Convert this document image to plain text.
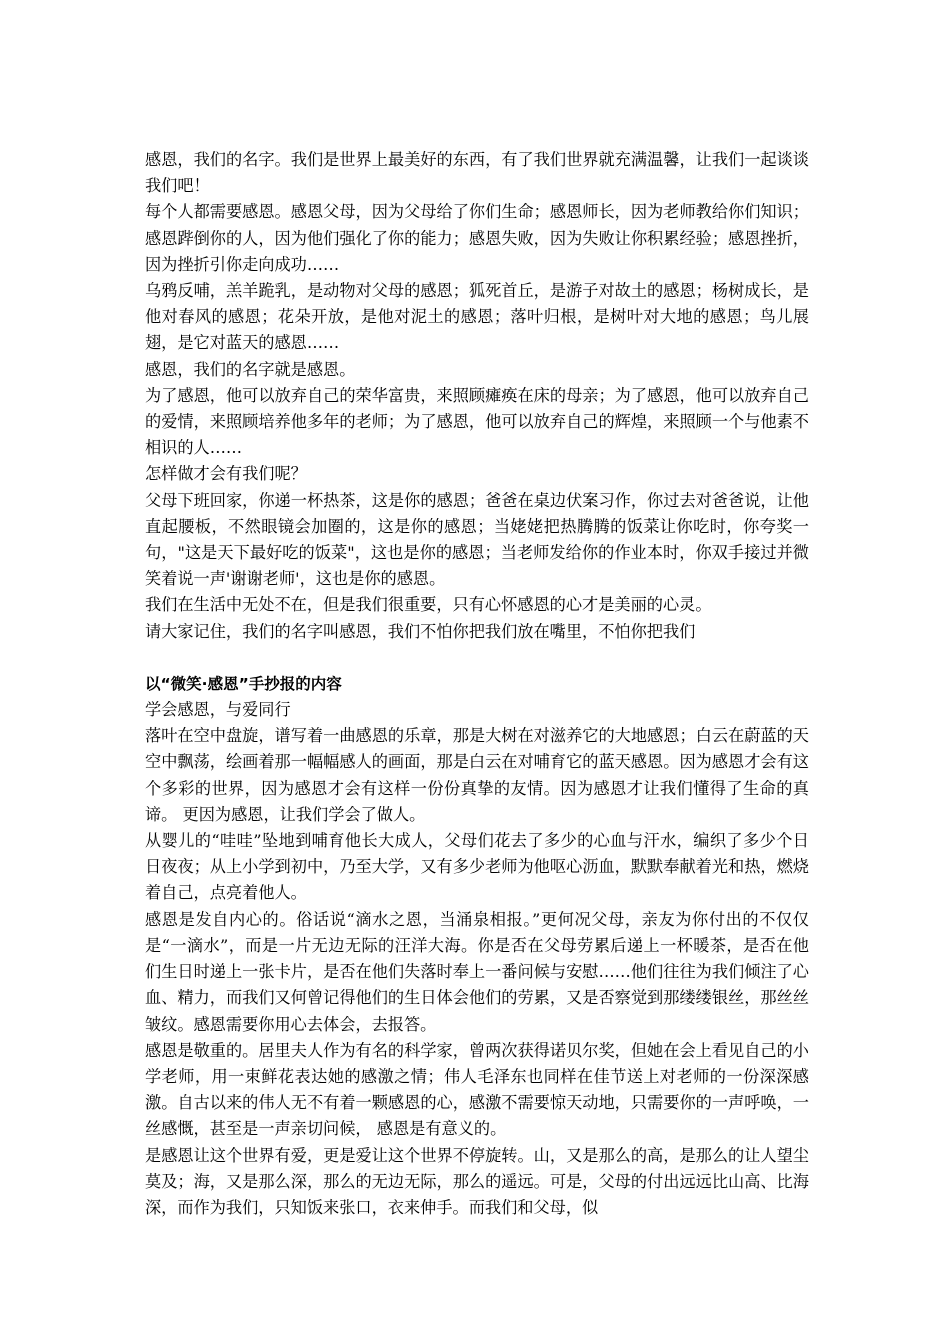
感恩，我们的名字。我们是世界上最美好的东西，有了我们世界就充满温馨，让我们一起谈谈我们吧！

每个人都需要感恩。感恩父母，因为父母给了你们生命；感恩师长，因为老师教给你们知识；感恩跸倒你的人，因为他们强化了你的能力；感恩失败，因为失败让你积累经验；感恩挫折，因为挫折引你走向成功……

乌鸦反哺，羔羊跪乳，是动物对父母的感恩；狐死首丘，是游子对故土的感恩；杨树成长，是他对春风的感恩；花朵开放，是他对泥土的感恩；落叶归根，是树叶对大地的感恩；鸟儿展翅，是它对蓝天的感恩……

感恩，我们的名字就是感恩。

为了感恩，他可以放弃自己的荣华富贵，来照顾瘫痪在床的母亲；为了感恩，他可以放弃自己的爱情，来照顾培养他多年的老师；为了感恩，他可以放弃自己的辉煌，来照顾一个与他素不相识的人……

怎样做才会有我们呢？

父母下班回家，你递一杯热茶，这是你的感恩；爸爸在桌边伏案习作，你过去对爸爸说，让他直起腰板，不然眼镜会加圈的，这是你的感恩；当姥姥把热腾腾的饭菜让你吃时，你夸奖一句，"这是天下最好吃的饭菜"，这也是你的感恩；当老师发给你的作业本时，你双手接过并微笑着说一声'谢谢老师'，这也是你的感恩。

我们在生活中无处不在，但是我们很重要，只有心怀感恩的心才是美丽的心灵。

请大家记住，我们的名字叫感恩，我们不怕你把我们放在嘴里，不怕你把我们

以“微笑·感恩”手抄报的内容

学会感恩，与爱同行

落叶在空中盘旋，谱写着一曲感恩的乐章，那是大树在对滋养它的大地感恩；白云在蔚蓝的天空中飘荡，绘画着那一幅幅感人的画面，那是白云在对哺育它的蓝天感恩。因为感恩才会有这个多彩的世界，因为感恩才会有这样一份份真挚的友情。因为感恩才让我们懂得了生命的真谛。 更因为感恩，让我们学会了做人。

从婴儿的“哇哇”坠地到哺育他长大成人，父母们花去了多少的心血与汗水，编织了多少个日日夜夜；从上小学到初中，乃至大学，又有多少老师为他呕心沥血，默默奉献着光和热，燃烧着自己，点亮着他人。

感恩是发自内心的。俗话说“滴水之恩，当涌泉相报。”更何况父母，亲友为你付出的不仅仅是“一滴水”，而是一片无边无际的汪洋大海。你是否在父母劳累后递上一杯暖茶，是否在他们生日时递上一张卡片，是否在他们失落时奉上一番问候与安慰……他们往往为我们倾注了心血、精力，而我们又何曾记得他们的生日体会他们的劳累，又是否察觉到那缕缕银丝，那丝丝皱纹。感恩需要你用心去体会，去报答。

感恩是敬重的。居里夫人作为有名的科学家，曾两次获得诺贝尔奖，但她在会上看见自己的小学老师，用一束鲜花表达她的感激之情；伟人毛泽东也同样在佳节送上对老师的一份深深感激。自古以来的伟人无不有着一颗感恩的心，感激不需要惊天动地，只需要你的一声呼唤，一丝感慨，甚至是一声亲切问候， 感恩是有意义的。

是感恩让这个世界有爱，更是爱让这个世界不停旋转。山，又是那么的高，是那么的让人望尘莫及；海，又是那么深，那么的无边无际，那么的遥远。可是，父母的付出远远比山高、比海深，而作为我们，只知饭来张口，衣来伸手。而我们和父母，似
